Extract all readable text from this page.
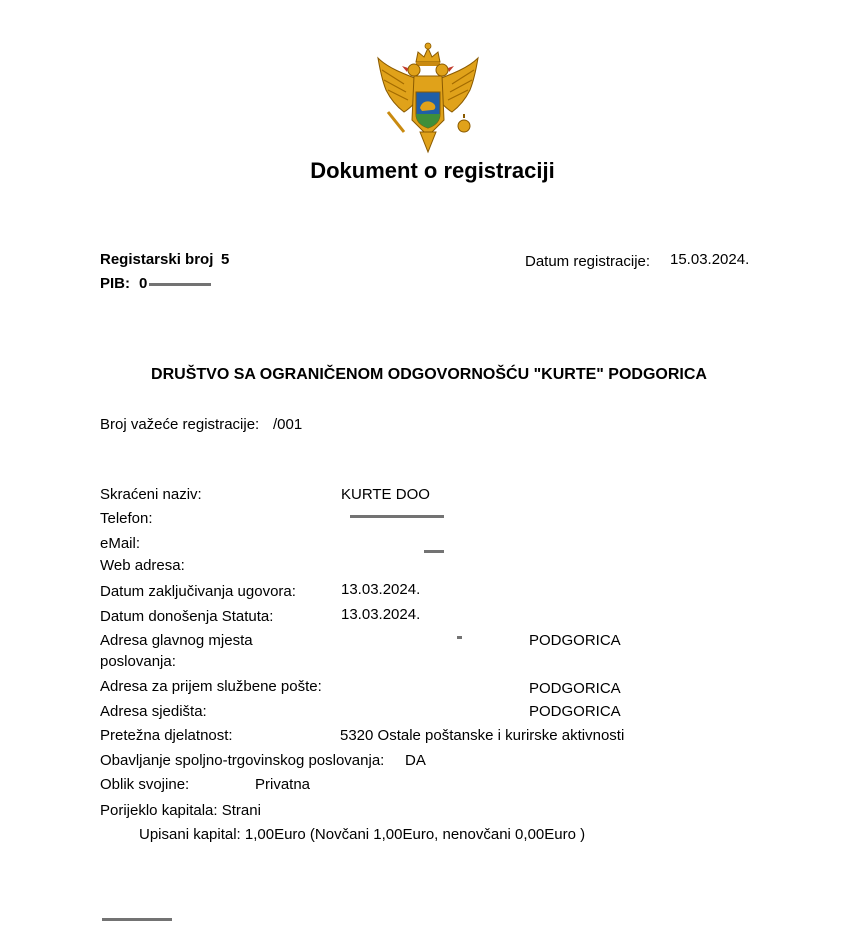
Dokument o registraciji
Registarski broj 5
PIB: 0
Datum registracije: 15.03.2024.
DRUŠTVO SA OGRANIČENOM ODGOVORNOŠĆU "KURTE" PODGORICA
Broj važeće registracije: /001
Skraćeni naziv:	KURTE DOO
Telefon:
eMail:
Web adresa:
Datum zaključivanja ugovora:	13.03.2024.
Datum donošenja Statuta:	13.03.2024.
Adresa glavnog mjesta
poslovanja:
PODGORICA
Adresa za prijem službene pošte:	PODGORICA
Adresa sjedišta:	PODGORICA
Pretežna djelatnost:	5320 Ostale poštanske i kurirske aktivnosti
Obavljanje spoljno-trgovinskog poslovanja: DA
Oblik svojine:	Privatna
Porijeklo kapitala: Strani
Upisani kapital: 1,00Euro (Novčani 1,00Euro, nenovčani 0,00Euro )
